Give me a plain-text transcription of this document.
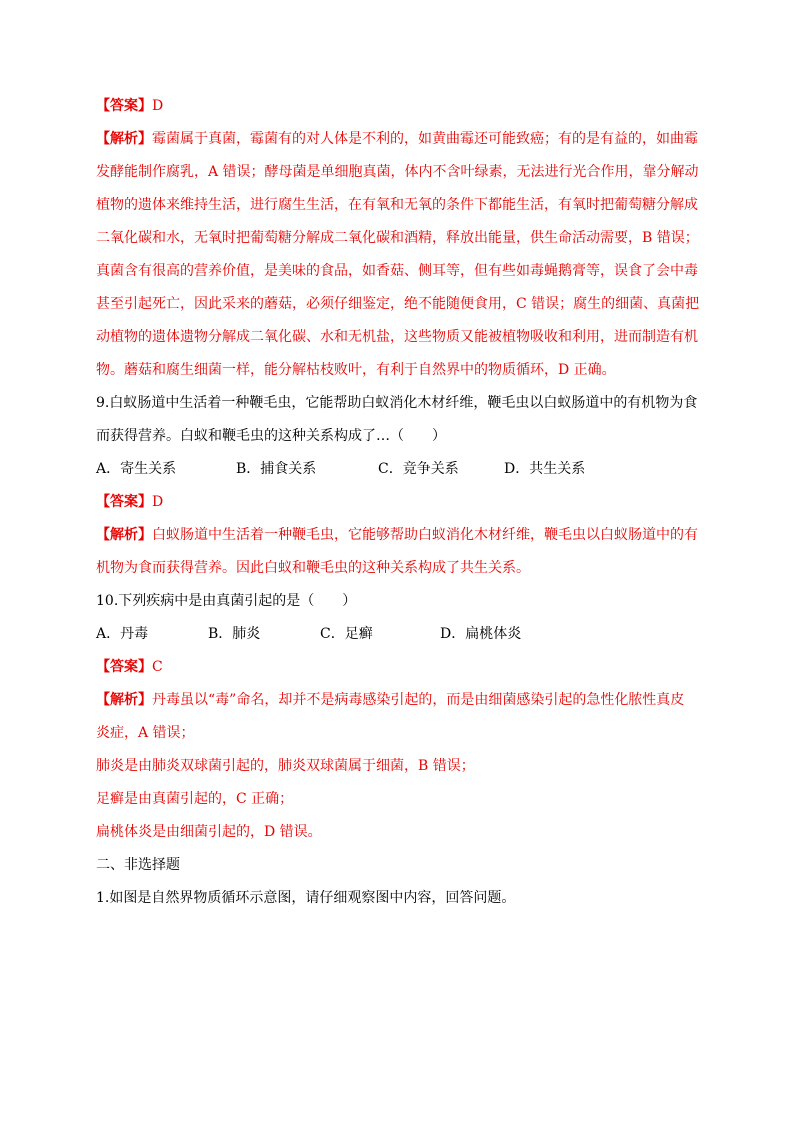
【答案】D
【解析】霉菌属于真菌，霉菌有的对人体是不利的，如黄曲霉还可能致癌；有的是有益的，如曲霉
发酵能制作腐乳，A 错误；酵母菌是单细胞真菌，体内不含叶绿素，无法进行光合作用，靠分解动
植物的遗体来维持生活，进行腐生生活，在有氧和无氧的条件下都能生活，有氧时把葡萄糖分解成
二氧化碳和水，无氧时把葡萄糖分解成二氧化碳和酒精，释放出能量，供生命活动需要，B 错误；
真菌含有很高的营养价值，是美味的食品，如香菇、侧耳等，但有些如毒蝇鹅膏等，误食了会中毒
甚至引起死亡，因此采来的蘑菇，必须仔细鉴定，绝不能随便食用，C 错误；腐生的细菌、真菌把
动植物的遗体遗物分解成二氧化碳、水和无机盐，这些物质又能被植物吸收和利用，进而制造有机
物。蘑菇和腐生细菌一样，能分解枯枝败叶，有利于自然界中的物质循环，D 正确。
9.白蚁肠道中生活着一种鞭毛虫，它能帮助白蚁消化木材纤维，鞭毛虫以白蚁肠道中的有机物为食
而获得营养。白蚁和鞭毛虫的这种关系构成了…（　　）
A．寄生关系	B．捕食关系	C．竞争关系	D．共生关系
【答案】D
【解析】白蚁肠道中生活着一种鞭毛虫，它能够帮助白蚁消化木材纤维，鞭毛虫以白蚁肠道中的有
机物为食而获得营养。因此白蚁和鞭毛虫的这种关系构成了共生关系。
10.下列疾病中是由真菌引起的是（　　）
A．丹毒	B．肺炎	C．足癣	D．扁桃体炎
【答案】C
【解析】丹毒虽以“毒”命名，却并不是病毒感染引起的，而是由细菌感染引起的急性化脓性真皮
炎症，A 错误；
肺炎是由肺炎双球菌引起的，肺炎双球菌属于细菌，B 错误；
足癣是由真菌引起的，C 正确；
扁桃体炎是由细菌引起的，D 错误。
二、非选择题
1.如图是自然界物质循环示意图，请仔细观察图中内容，回答问题。
